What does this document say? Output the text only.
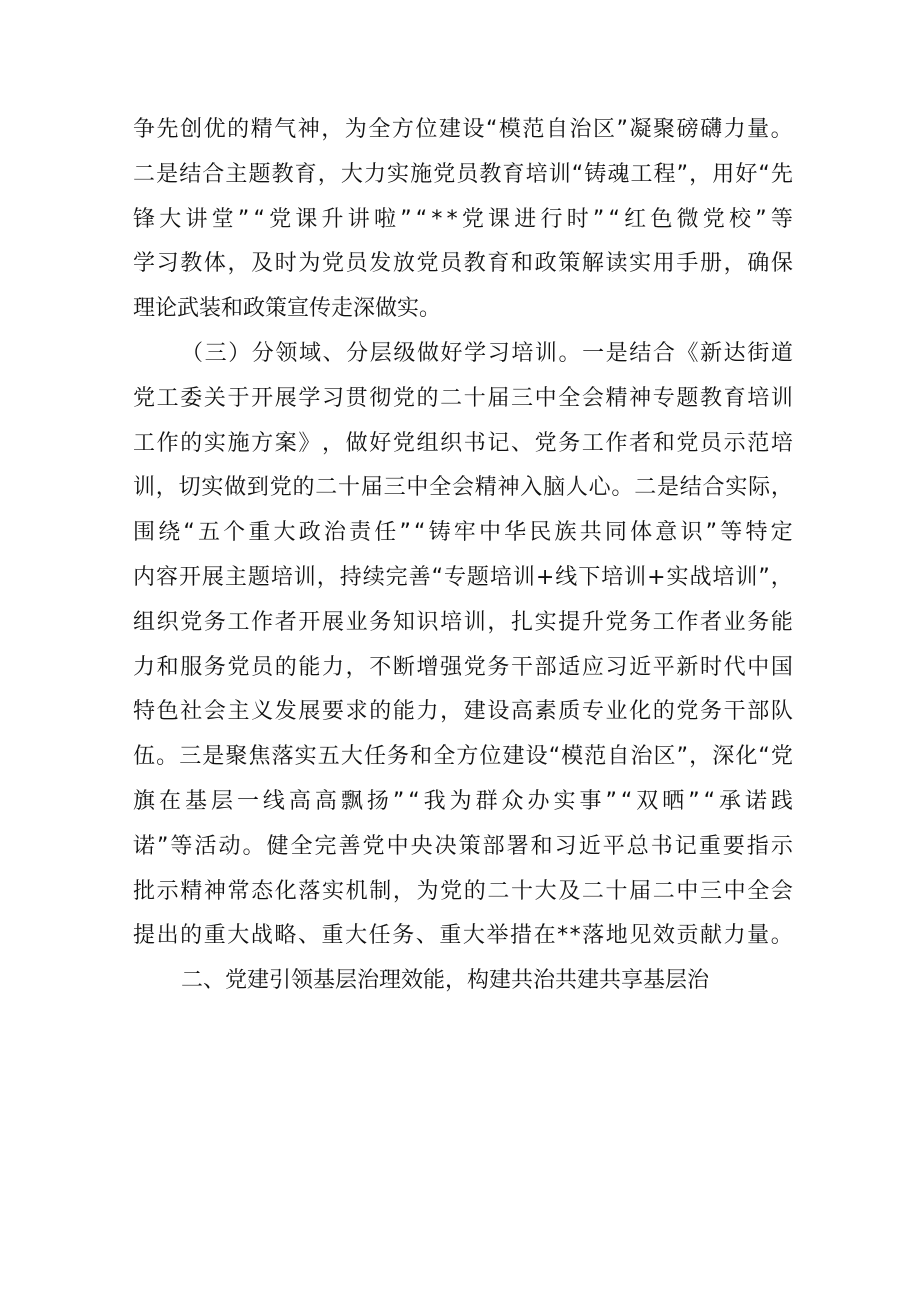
争 先 创 优 的 精 气 神 ， 为 全 方 位 建 设 “ 模 范 自 治 区 ” 凝 聚 磅 礴 力 量 。
二 是 结 合 主 题 教 育 ， 大 力 实 施 党 员 教 育 培 训 “ 铸 魂 工 程 ” ， 用 好 “ 先
锋 大 讲 堂 ” “ 党 课 升 讲 啦 ” “ * * 党 课 进 行 时 ” “ 红 色 微 党 校 ” 等
学 习 教 体 ， 及 时 为 党 员 发 放 党 员 教 育 和 政 策 解 读 实 用 手 册 ， 确 保
理论武装和政策宣传走深做实。
（ 三 ） 分 领 域 、 分 层 级 做 好 学 习 培 训 。 一 是 结 合 《 新 达 街 道
党 工 委 关 于 开 展 学 习 贯 彻 党 的 二 十 届 三 中 全 会 精 神 专 题 教 育 培 训
工 作 的 实 施 方 案 》 ， 做 好 党 组 织 书 记 、 党 务 工 作 者 和 党 员 示 范 培
训 ， 切 实 做 到 党 的 二 十 届 三 中 全 会 精 神 入 脑 人 心 。 二 是 结 合 实 际 ，
围 绕 “ 五 个 重 大 政 治 责 任 ” “ 铸 牢 中 华 民 族 共 同 体 意 识 ” 等 特 定
内 容 开 展 主 题 培 训 ， 持 续 完 善 “ 专 题 培 训 + 线 下 培 训 + 实 战 培 训 ” ，
组 织 党 务 工 作 者 开 展 业 务 知 识 培 训 ， 扎 实 提 升 党 务 工 作 者 业 务 能
力 和 服 务 党 员 的 能 力 ， 不 断 增 强 党 务 干 部 适 应 习 近 平 新 时 代 中 国
特 色 社 会 主 义 发 展 要 求 的 能 力 ， 建 设 高 素 质 专 业 化 的 党 务 干 部 队
伍 。 三 是 聚 焦 落 实 五 大 任 务 和 全 方 位 建 设 “ 模 范 自 治 区 ” ， 深 化 “ 党
旗 在 基 层 一 线 高 高 飘 扬 ” “ 我 为 群 众 办 实 事 ” “ 双 晒 ” “ 承 诺 践
诺 ” 等 活 动 。 健 全 完 善 党 中 央 决 策 部 署 和 习 近 平 总 书 记 重 要 指 示
批 示 精 神 常 态 化 落 实 机 制 ， 为 党 的 二 十 大 及 二 十 届 二 中 三 中 全 会
提 出 的 重 大 战 略 、 重 大 任 务 、 重 大 举 措 在 * * 落 地 见 效 贡 献 力 量 。
二、党建引领基层治理效能，构建共治共建共享基层治
